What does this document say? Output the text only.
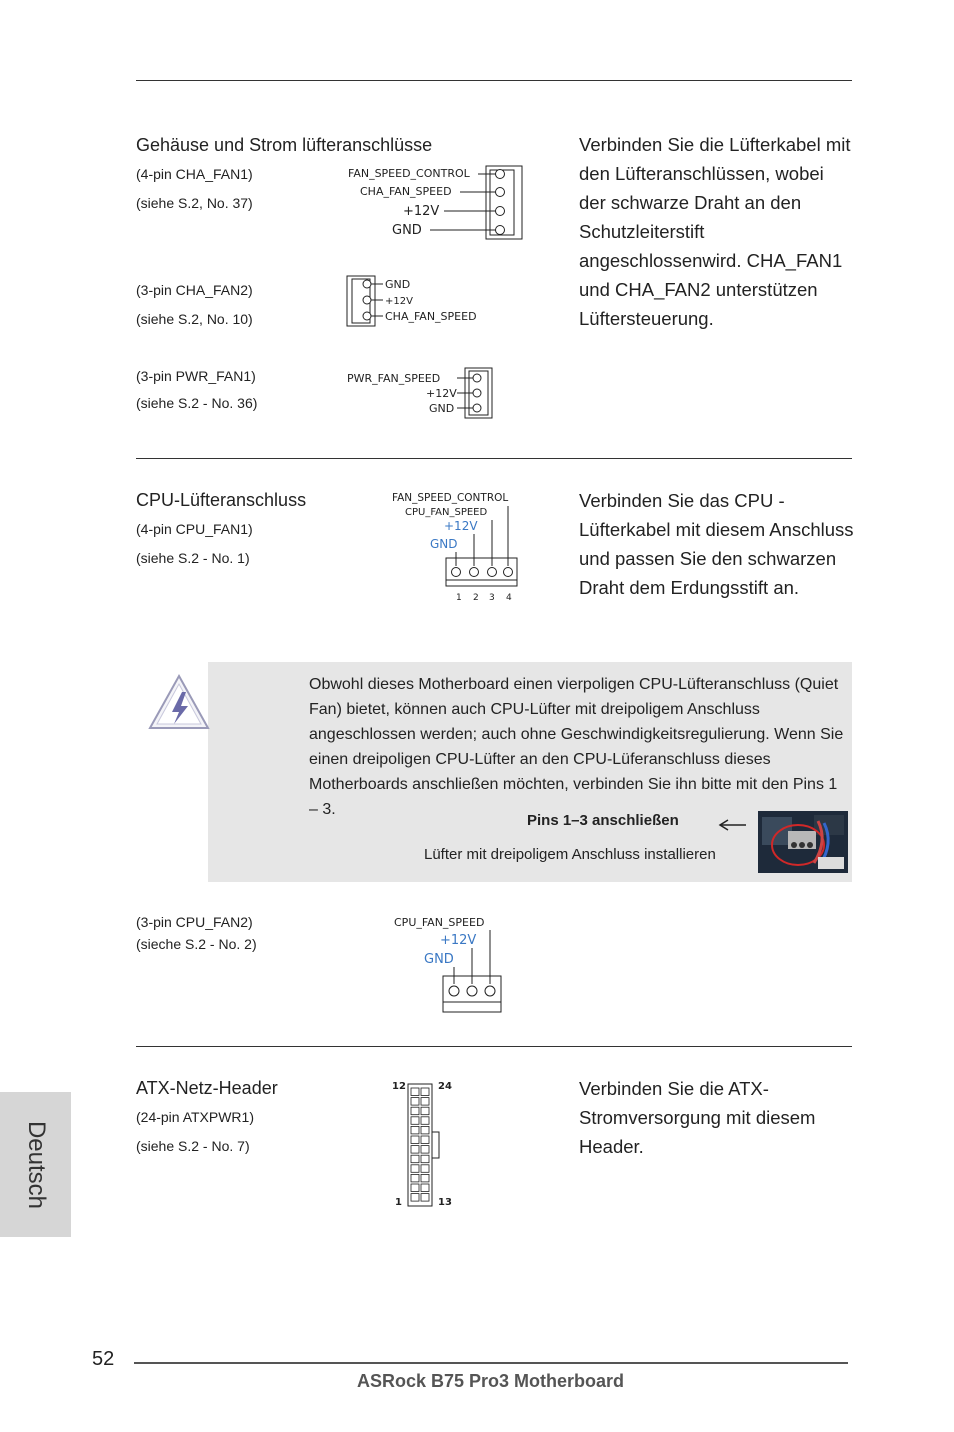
Gehäuse und Strom lüfteranschlüsse
(4-pin CHA_FAN1)
(siehe S.2, No. 37)
(3-pin CHA_FAN2)
(siehe S.2, No. 10)
(3-pin PWR_FAN1)
(siehe S.2 - No. 36)
Verbinden Sie die Lüfterkabel mit den Lüfteranschlüssen, wobei der schwarze Draht an den Schutzleiterstift angeschlossenwird. CHA_FAN1 und CHA_FAN2 unterstützen Lüftersteuerung.
FAN_SPEED_CONTROL
CHA_FAN_SPEED
+12V
GND
GND
+12V
CHA_FAN_SPEED
PWR_FAN_SPEED
+12V
GND
CPU-Lüfteranschluss
(4-pin CPU_FAN1)
(siehe S.2 - No. 1)
Verbinden Sie das CPU - Lüfterkabel mit diesem Anschluss und passen Sie den schwarzen Draht dem Erdungsstift an.
FAN_SPEED_CONTROL
CPU_FAN_SPEED
+12V
GND
1 2 3 4
Obwohl dieses Motherboard einen vierpoligen CPU-Lüfteranschluss (Quiet Fan) bietet, können auch CPU-Lüfter mit dreipoligem Anschluss angeschlossen werden; auch ohne Geschwindigkeitsregulierung. Wenn Sie einen dreipoligen CPU-Lüfter an den CPU-Lüferanschluss dieses Motherboards anschließen möchten, verbinden Sie ihn bitte mit den Pins 1 – 3.
Pins 1–3 anschließen
Lüfter mit dreipoligem Anschluss installieren
(3-pin CPU_FAN2)
(sieche S.2 - No. 2)
CPU_FAN_SPEED
+12V
GND
ATX-Netz-Header
(24-pin ATXPWR1)
(siehe S.2 - No. 7)
Verbinden Sie die ATX-Stromversorgung mit diesem Header.
12	24
1	13
Deutsch
52
ASRock B75 Pro3 Motherboard
